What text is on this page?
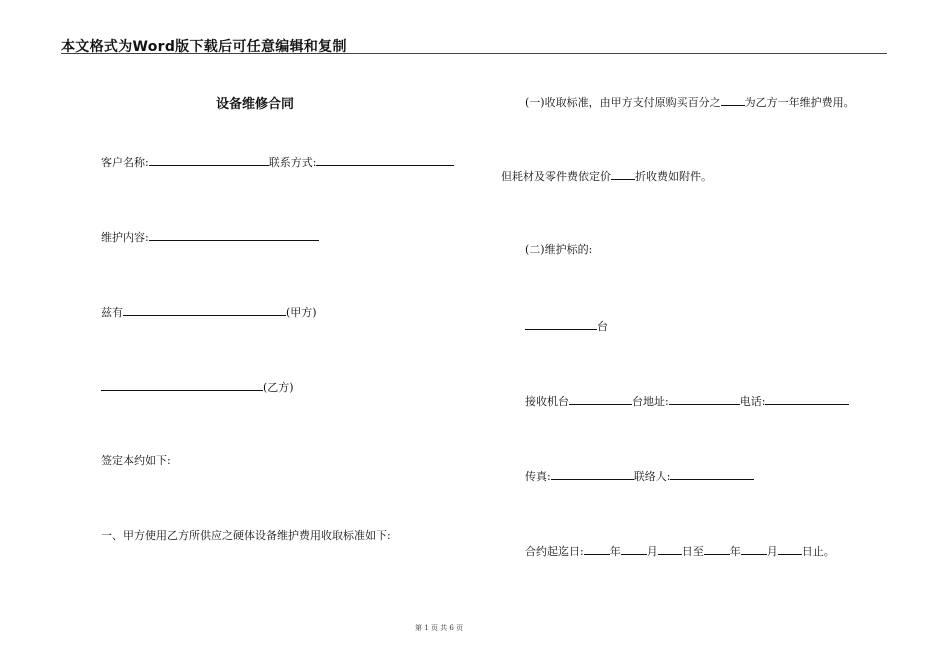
本文格式为Word版下载后可任意编辑和复制
设备维修合同
客户名称:	联系方式:
维护内容:
兹有	(甲方)
(乙方)
签定本约如下:
一、甲方使用乙方所供应之硬体设备维护费用收取标准如下:
(一)收取标准，由甲方支付原购买百分之 为乙方一年维护费用。
但耗材及零件费依定价 折收费如附件。
(二)维护标的:
台
接收机台	台地址:	电话:
传真:	联络人:
合约起迄日: 年 月 日至 年 月 日止。
第 1 页 共 6 页
